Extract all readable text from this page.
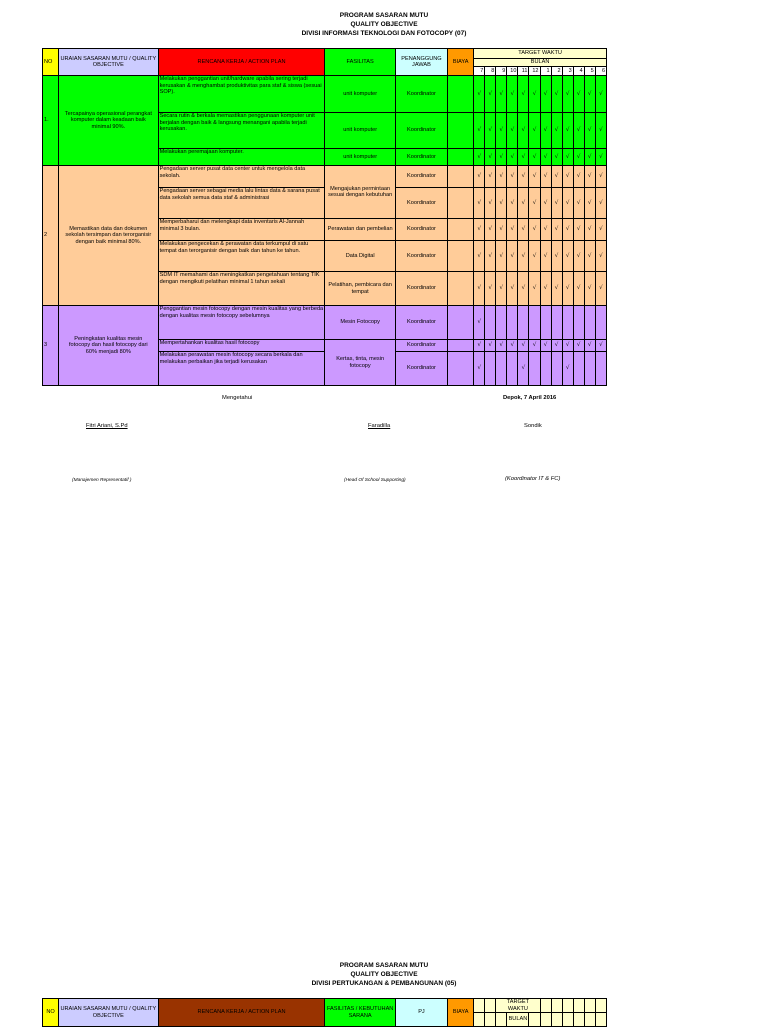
PROGRAM SASARAN MUTU
QUALITY OBJECTIVE
DIVISI INFORMASI TEKNOLOGI DAN FOTOCOPY (07)
NO	URAIAN SASARAN MUTU / QUALITY OBJECTIVE	RENCANA KERJA / ACTION PLAN	FASILITAS	PENANGGUNG JAWAB	BIAYA	TARGET WAKTU											
						BULAN											
						7	8	9	10	11	12	1	2	3	4	5	6
1.	Tercapainya operasional perangkat komputer dalam keadaan baik minimal 90%.	Melakukan penggantian unit/hardware apabila sering terjadi kerusakan & menghambat produktivitas para staf & siswa (sesuai SOP).	unit komputer	Koordinator		√	√	√	√	√	√	√	√	√	√	√	√
		Secara rutin & berkala memastikan penggunaan komputer unit berjalan dengan baik & langsung menangani apabila terjadi kerusakan.	unit komputer	Koordinator		√	√	√	√	√	√	√	√	√	√	√	√
		Melakukan peremajaan komputer.	unit komputer	Koordinator		√	√	√	√	√	√	√	√	√	√	√	√
2	Memastikan data dan dokumen sekolah tersimpan dan terorganisir dengan baik minimal 80%.	Pengadaan server pusat data center untuk mengelola data sekolah.	Mengajukan permintaan sesuai dengan kebutuhan	Koordinator		√	√	√	√	√	√	√	√	√	√	√	√
		Pengadaan server sebagai media lalu lintas data & sarana pusat data sekolah semua data staf & administrasi		Koordinator		√	√	√	√	√	√	√	√	√	√	√	√
		Memperbaharui dan melengkapi data inventaris Al-Jannah minimal 3 bulan.	Perawatan dan pembelian	Koordinator		√	√	√	√	√	√	√	√	√	√	√	√
		Melakukan pengecekan & perawatan data terkumpul di satu tempat dan terorganisir dengan baik dan tahun ke tahun.	Data Digital	Koordinator		√	√	√	√	√	√	√	√	√	√	√	√
		SDM IT memahami dan meningkatkan pengetahuan tentang TIK dengan mengikuti pelatihan minimal 1 tahun sekali	Pelatihan, pembicara dan tempat	Koordinator		√	√	√	√	√	√	√	√	√	√	√	√
3	Peningkatan kualitas mesin fotocopy dan hasil fotocopy dari 60% menjadi 80%	Penggantian mesin fotocopy dengan mesin kualitas yang berbeda dengan kualitas mesin fotocopy sebelumnya	Mesin Fotocopy	Koordinator		√											
		Mempertahankan kualitas hasil fotocopy	Kertas, tinta, mesin fotocopy	Koordinator		√	√	√	√	√	√	√	√	√	√	√	√
		Melakukan perawatan mesin fotocopy secara berkala dan melakukan perbaikan jika terjadi kerusakan		Koordinator		√				√				√			
Mengetahui	Depok, 7 April 2016
Fitri Ariani, S.Pd	Faradilla	Sondik
(Manajemen Representatif )	(Head Of School Supporting)	(Koordinator IT & FC)
PROGRAM SASARAN MUTU
QUALITY OBJECTIVE
DIVISI PERTUKANGAN & PEMBANGUNAN (05)
NO	URAIAN SASARAN MUTU / QUALITY OBJECTIVE	RENCANA KERJA / ACTION PLAN	FASILITAS / KEBUTUHAN SARANA	PJ	BIAYA			TARGET WAKTU								
									BULAN							
